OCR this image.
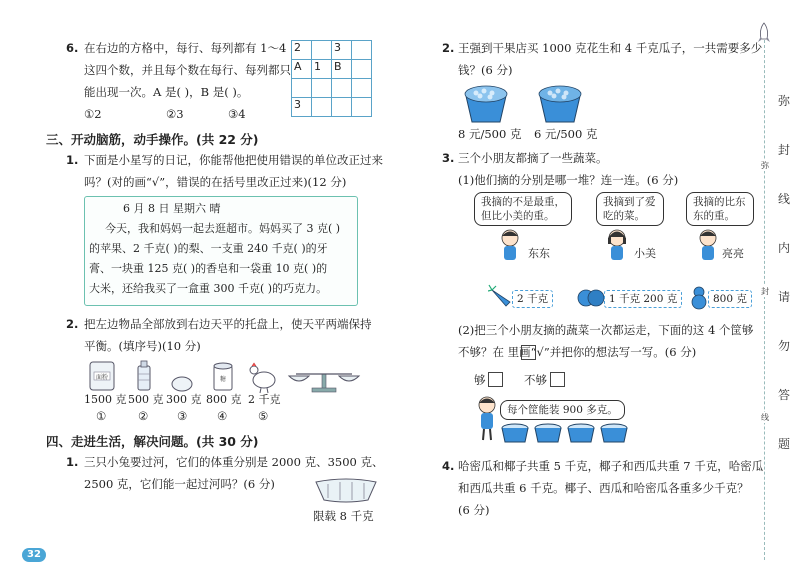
6. 在右边的方格中，每行、每列都有 1～4
这四个数，并且每个数在每行、每列都只
能出现一次。A 是( )，B 是( )。
①2	②3	③4
2		3	
A	1	B	

3			
三、开动脑筋，动手操作。(共 22 分)
1. 下面是小星写的日记，你能帮他把使用错误的单位改正过来
吗？(对的画“√”，错误的在括号里改正过来)(12 分)
6 月 8 日 星期六 晴
今天，我和妈妈一起去逛超市。妈妈买了 3 克( )
的苹果、2 千克( )的梨、一支重 240 千克( )的牙
膏、一块重 125 克( )的香皂和一袋重 10 克( )的
大米，还给我买了一盒重 300 千克( )的巧克力。
2. 把左边物品全部放到右边天平的托盘上，使天平两端保持
平衡。(填序号)(10 分)
面粉	糖
1500 克 500 克 300 克 800 克 2 千克
①	② ③	④	⑤
四、走进生活，解决问题。(共 30 分)
1. 三只小兔要过河，它们的体重分别是 2000 克、3500 克、
2500 克，它们能一起过河吗？(6 分)
限载 8 千克
32
2. 王强到干果店买 1000 克花生和 4 千克瓜子，一共需要多少
钱？(6 分)
8 元/500 克 6 元/500 克
3. 三个小朋友都摘了一些蔬菜。
(1)他们摘的分别是哪一堆？连一连。(6 分)
我摘的不是最重，但比小美的重。
我摘到了爱吃的菜。
我摘的比东东的重。
东东	小美	亮亮
2 千克	1 千克 200 克	800 克
(2)把三个小朋友摘的蔬菜一次都运走，下面的这 4 个筐够
不够？在 里画“√”并把你的想法写一写。(6 分)
够	不够
每个筐能装 900 多克。
4. 哈密瓜和椰子共重 5 千克，椰子和西瓜共重 7 千克，哈密瓜
和西瓜共重 6 千克。椰子、西瓜和哈密瓜各重多少千克？
(6 分)
弥
封
线
弥
封
线
内
请
勿
答
题
